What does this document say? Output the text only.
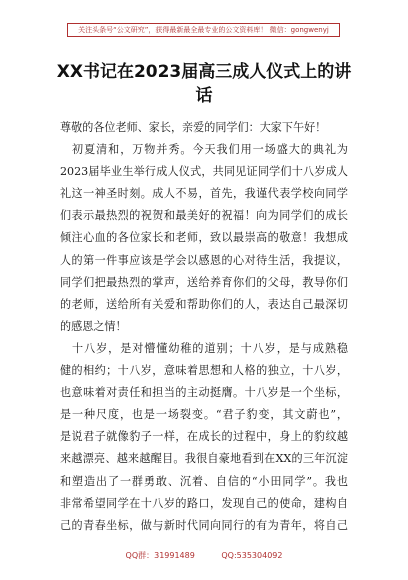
关注头条号“公文研究”，获得最新最全最专业的公文资料库！ 微信：gongwenyj
XX书记在2023届高三成人仪式上的讲
话
尊敬的各位老师、家长，亲爱的同学们：大家下午好！
　初夏清和，万物并秀。今天我们用一场盛大的典礼为
2023届毕业生举行成人仪式，共同见证同学们十八岁成人
礼这一神圣时刻。成人不易，首先，我谨代表学校向同学
们表示最热烈的祝贺和最美好的祝福！向为同学们的成长
倾注心血的各位家长和老师，致以最崇高的敬意！我想成
人的第一件事应该是学会以感恩的心对待生活，我提议，
同学们把最热烈的掌声，送给养育你们的父母，教导你们
的老师，送给所有关爱和帮助你们的人，表达自己最深切
的感恩之情！
　十八岁，是对懵懂幼稚的道别；十八岁，是与成熟稳
健的相约；十八岁，意味着思想和人格的独立，十八岁，
也意味着对责任和担当的主动挺膺。十八岁是一个坐标，
是一种尺度，也是一场裂变。“君子豹变，其文蔚也”，
是说君子就像豹子一样，在成长的过程中，身上的豹纹越
来越漂亮、越来越醒目。我很自豪地看到在XX的三年沉淀
和塑造出了一群勇敢、沉着、自信的“小田同学”。我也
非常希望同学在十八岁的路口，发现自己的使命，建构自
己的青春坐标，做与新时代同向同行的有为青年，将自己
QQ群：31991489	QQ:535304092
